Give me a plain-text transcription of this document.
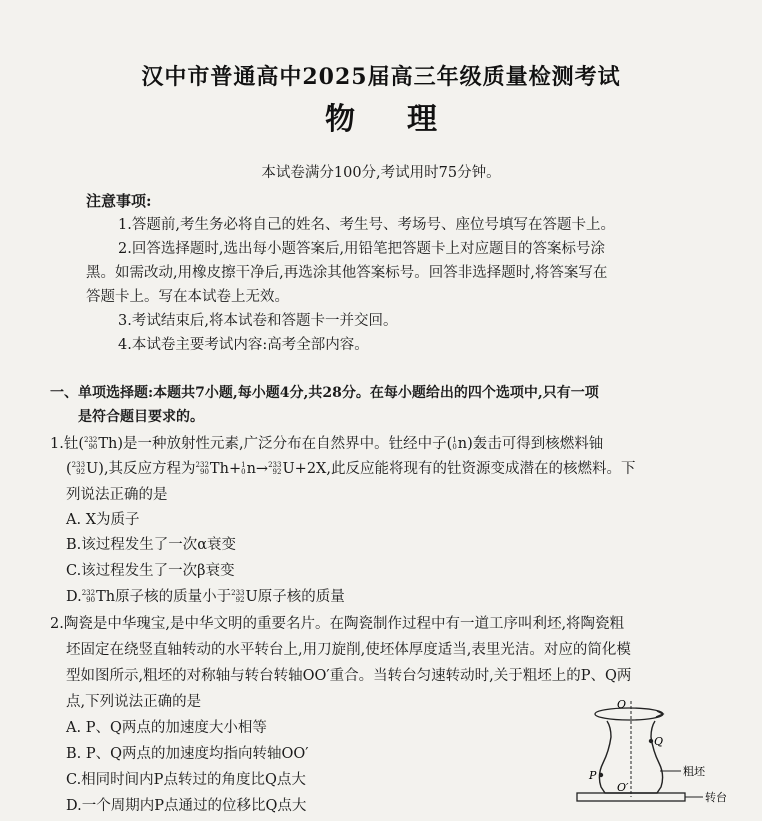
汉中市普通高中2025届高三年级质量检测考试
物理
本试卷满分100分,考试用时75分钟。
注意事项:
1.答题前,考生务必将自己的姓名、考生号、考场号、座位号填写在答题卡上。
2.回答选择题时,选出每小题答案后,用铅笔把答题卡上对应题目的答案标号涂
黑。如需改动,用橡皮擦干净后,再选涂其他答案标号。回答非选择题时,将答案写在
答题卡上。写在本试卷上无效。
3.考试结束后,将本试卷和答题卡一并交回。
4.本试卷主要考试内容:高考全部内容。
一、单项选择题:本题共7小题,每小题4分,共28分。在每小题给出的四个选项中,只有一项
是符合题目要求的。
1.钍( 232
90 Th)是一种放射性元素,广泛分布在自然界中。钍经中子( 1
0 n)轰击可得到核燃料铀
( 233
92 U),其反应方程为 232
90 Th+ 1
0 n→ 233
92 U+2X,此反应能将现有的钍资源变成潜在的核燃料。下
列说法正确的是
A. X为质子
B.该过程发生了一次α衰变
C.该过程发生了一次β衰变
D. 232
90 Th原子核的质量小于 233
92 U原子核的质量
2.陶瓷是中华瑰宝,是中华文明的重要名片。在陶瓷制作过程中有一道工序叫利坯,将陶瓷粗
坯固定在绕竖直轴转动的水平转台上,用刀旋削,使坯体厚度适当,表里光洁。对应的简化模
型如图所示,粗坯的对称轴与转台转轴OO′重合。当转台匀速转动时,关于粗坯上的P、Q两
点,下列说法正确的是
A. P、Q两点的加速度大小相等
B. P、Q两点的加速度均指向转轴OO′
C.相同时间内P点转过的角度比Q点大
D.一个周期内P点通过的位移比Q点大
O
O′
P
Q
粗坯
转台
